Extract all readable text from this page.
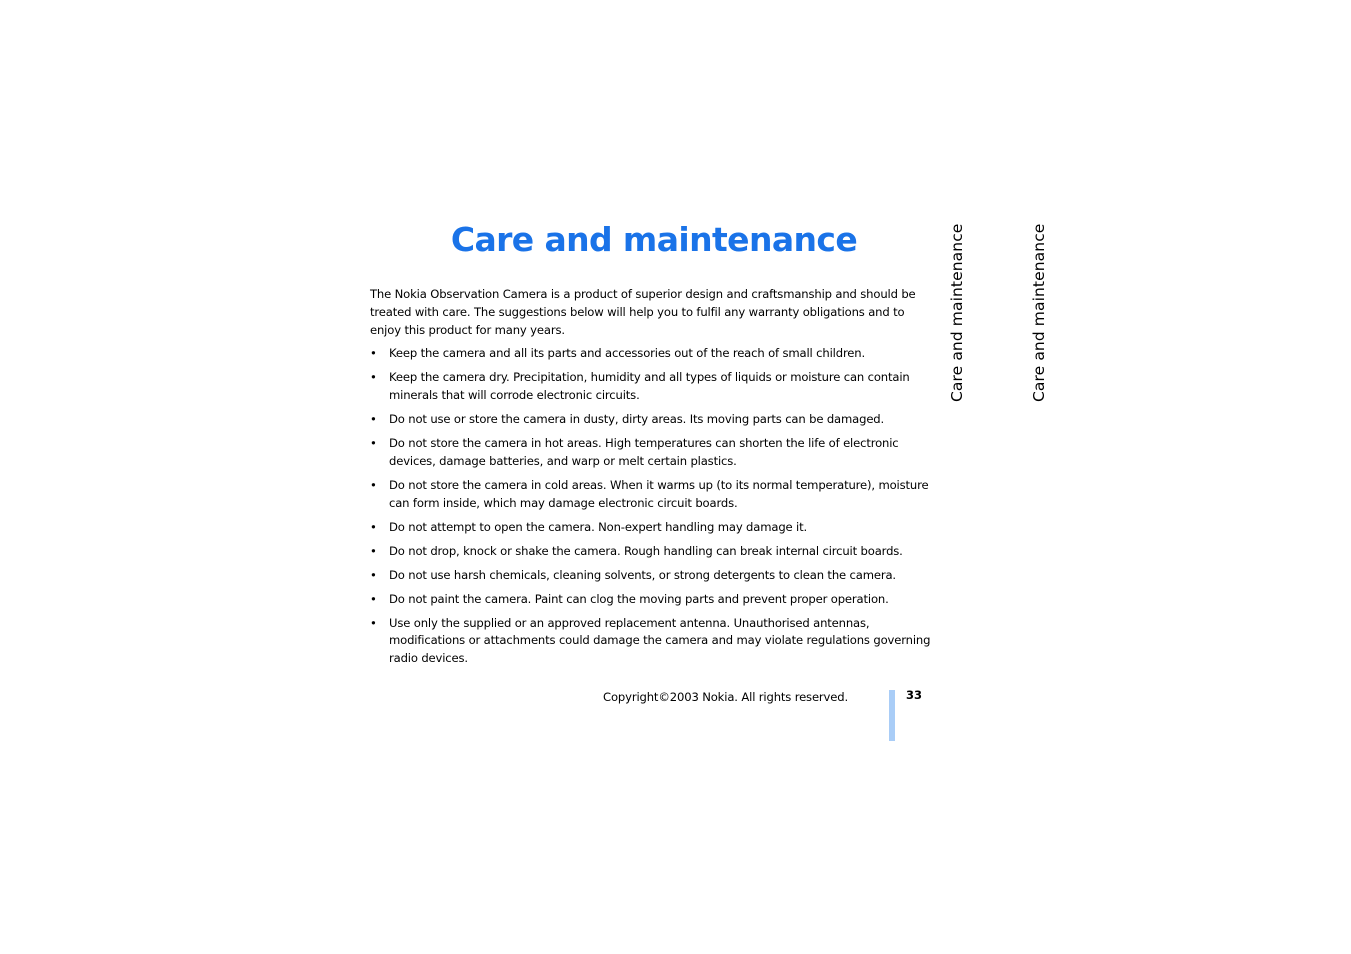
Care and maintenance

The Nokia Observation Camera is a product of superior design and craftsmanship and should be treated with care. The suggestions below will help you to fulfil any warranty obligations and to enjoy this product for many years.

• Keep the camera and all its parts and accessories out of the reach of small children.
• Keep the camera dry. Precipitation, humidity and all types of liquids or moisture can contain minerals that will corrode electronic circuits.
• Do not use or store the camera in dusty, dirty areas. Its moving parts can be damaged.
• Do not store the camera in hot areas. High temperatures can shorten the life of electronic devices, damage batteries, and warp or melt certain plastics.
• Do not store the camera in cold areas. When it warms up (to its normal temperature), moisture can form inside, which may damage electronic circuit boards.
• Do not attempt to open the camera. Non-expert handling may damage it.
• Do not drop, knock or shake the camera. Rough handling can break internal circuit boards.
• Do not use harsh chemicals, cleaning solvents, or strong detergents to clean the camera.
• Do not paint the camera. Paint can clog the moving parts and prevent proper operation.
• Use only the supplied or an approved replacement antenna. Unauthorised antennas, modifications or attachments could damage the camera and may violate regulations governing radio devices.
Care and maintenance	Care and maintenance
Copyright©2003 Nokia. All rights reserved.	33
